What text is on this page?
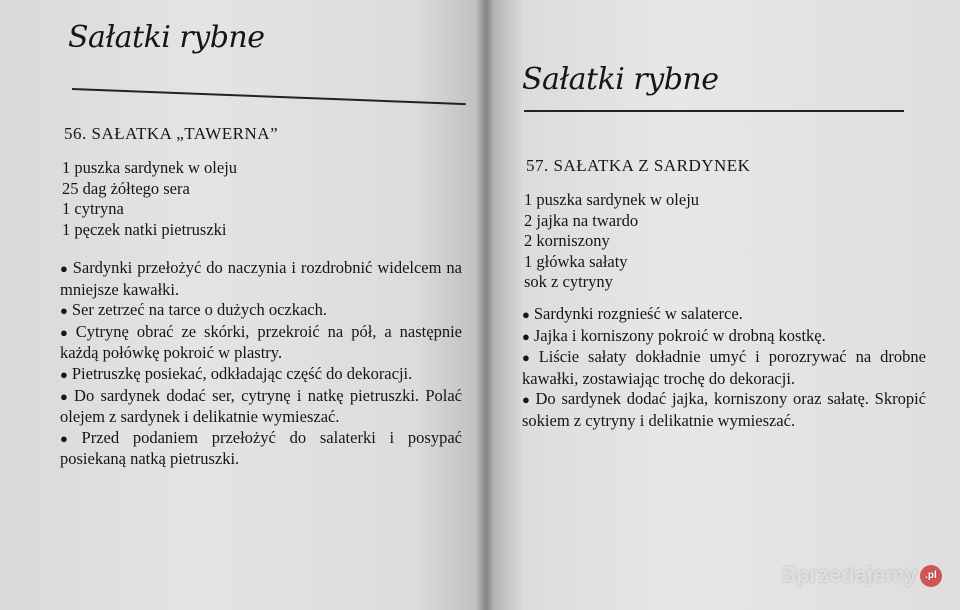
Sałatki rybne
56. SAŁATKA „TAWERNA”
1 puszka sardynek w oleju
25 dag żółtego sera
1 cytryna
1 pęczek natki pietruszki
● Sardynki przełożyć do naczynia i rozdrobnić widelcem na mniejsze kawałki.
● Ser zetrzeć na tarce o dużych oczkach.
● Cytrynę obrać ze skórki, przekroić na pół, a następnie każdą połówkę pokroić w plastry.
● Pietruszkę posiekać, odkładając część do dekoracji.
● Do sardynek dodać ser, cytrynę i natkę pietruszki. Polać olejem z sardynek i delikatnie wymieszać.
● Przed podaniem przełożyć do salaterki i posypać posiekaną natką pietruszki.
Sałatki rybne
57. SAŁATKA Z SARDYNEK
1 puszka sardynek w oleju
2 jajka na twardo
2 korniszony
1 główka sałaty
sok z cytryny
● Sardynki rozgnieść w salaterce.
● Jajka i korniszony pokroić w drobną kostkę.
● Liście sałaty dokładnie umyć i porozrywać na drobne kawałki, zostawiając trochę do dekoracji.
● Do sardynek dodać jajka, korniszony oraz sałatę. Skropić sokiem z cytryny i delikatnie wymieszać.
Sprzedajemy .pl
